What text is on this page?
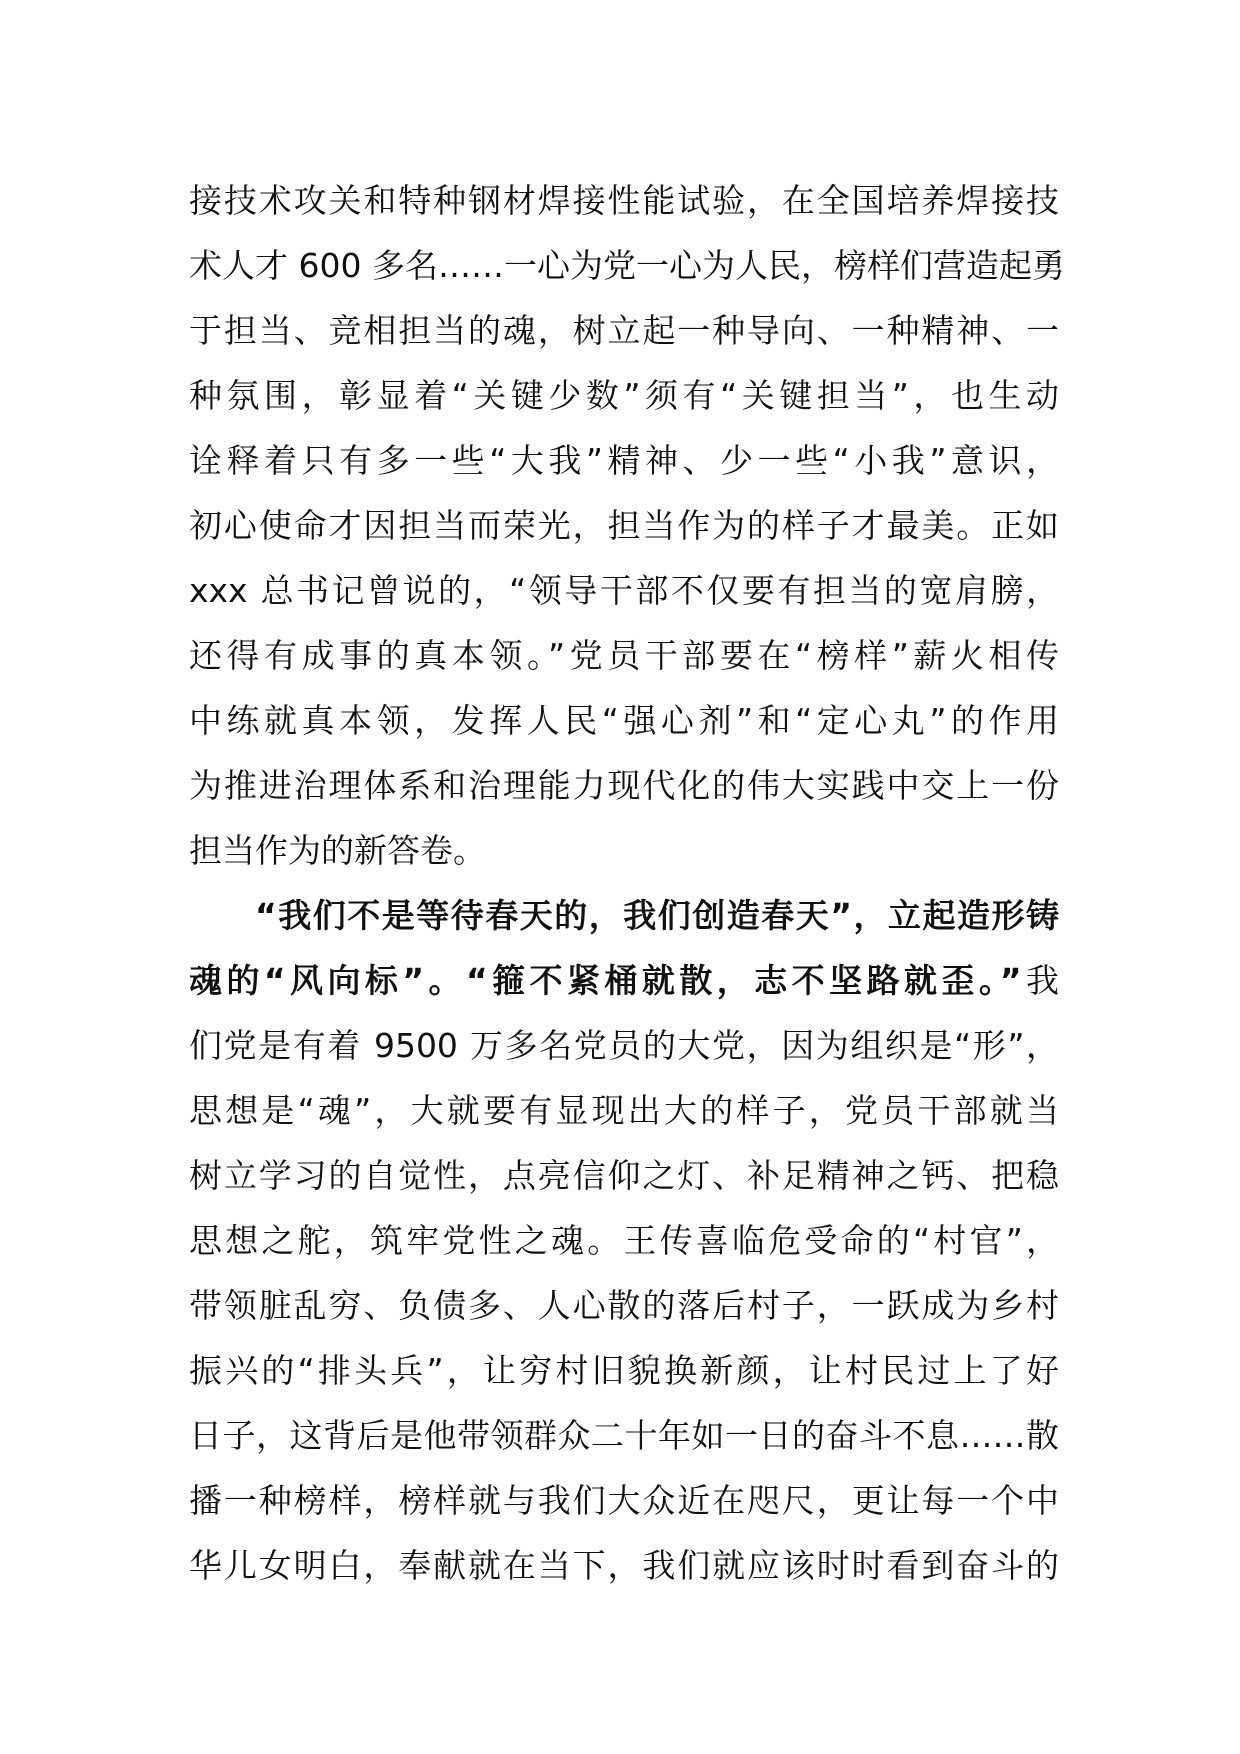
接技术攻关和特种钢材焊接性能试验，在全国培养焊接技
术人才 600 多名……一心为党一心为人民，榜样们营造起勇
于担当、竞相担当的魂，树立起一种导向、一种精神、一
种氛围，彰显着“关键少数”须有“关键担当”，也生动
诠释着只有多一些“大我”精神、少一些“小我”意识，
初心使命才因担当而荣光，担当作为的样子才最美。正如
xxx 总书记曾说的，“领导干部不仅要有担当的宽肩膀，
还得有成事的真本领。”党员干部要在“榜样”薪火相传
中练就真本领，发挥人民“强心剂”和“定心丸”的作用
为推进治理体系和治理能力现代化的伟大实践中交上一份
担当作为的新答卷。
“我们不是等待春天的，我们创造春天”，立起造形铸
魂的“风向标”。“箍不紧桶就散，志不坚路就歪。”我
们党是有着 9500 万多名党员的大党，因为组织是“形”，
思想是“魂”，大就要有显现出大的样子，党员干部就当
树立学习的自觉性，点亮信仰之灯、补足精神之钙、把稳
思想之舵，筑牢党性之魂。王传喜临危受命的“村官”，
带领脏乱穷、负债多、人心散的落后村子，一跃成为乡村
振兴的“排头兵”，让穷村旧貌换新颜，让村民过上了好
日子，这背后是他带领群众二十年如一日的奋斗不息……散
播一种榜样，榜样就与我们大众近在咫尺，更让每一个中
华儿女明白，奉献就在当下，我们就应该时时看到奋斗的
